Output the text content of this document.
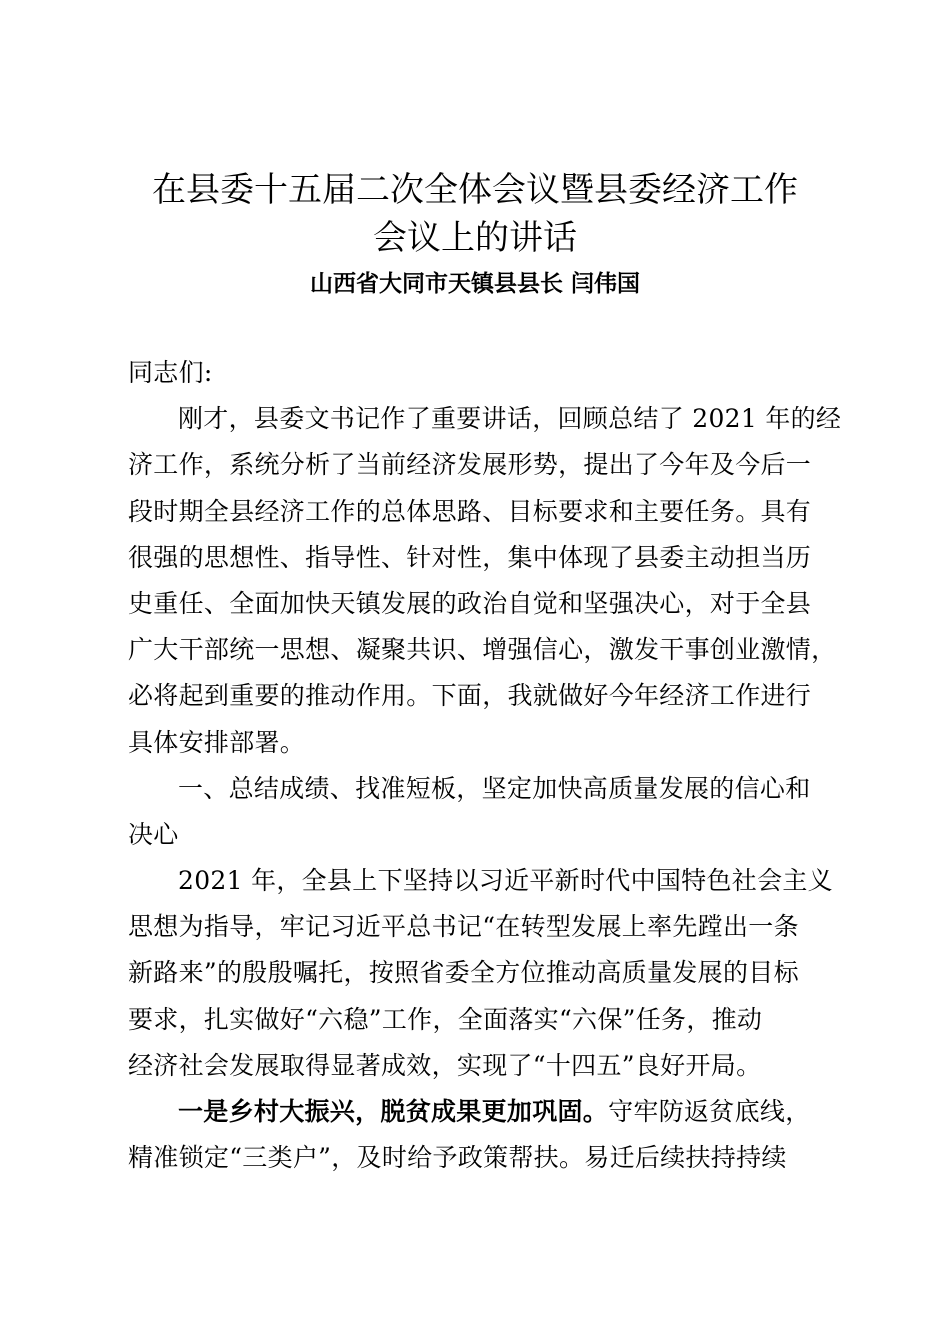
在县委十五届二次全体会议暨县委经济工作
会议上的讲话
山西省大同市天镇县县长 闫伟国
同志们:
刚才，县委文书记作了重要讲话，回顾总结了 2021 年的经
济工作，系统分析了当前经济发展形势，提出了今年及今后一
段时期全县经济工作的总体思路、目标要求和主要任务。具有
很强的思想性、指导性、针对性，集中体现了县委主动担当历
史重任、全面加快天镇发展的政治自觉和坚强决心，对于全县
广大干部统一思想、凝聚共识、增强信心，激发干事创业激情，
必将起到重要的推动作用。下面，我就做好今年经济工作进行
具体安排部署。
一、总结成绩、找准短板，坚定加快高质量发展的信心和
决心
2021 年，全县上下坚持以习近平新时代中国特色社会主义
思想为指导，牢记习近平总书记“在转型发展上率先蹚出一条
新路来”的殷殷嘱托，按照省委全方位推动高质量发展的目标
要求，扎实做好“六稳”工作，全面落实“六保”任务，推动
经济社会发展取得显著成效，实现了“十四五”良好开局。
一是乡村大振兴，脱贫成果更加巩固。守牢防返贫底线，
精准锁定“三类户”，及时给予政策帮扶。易迁后续扶持持续
